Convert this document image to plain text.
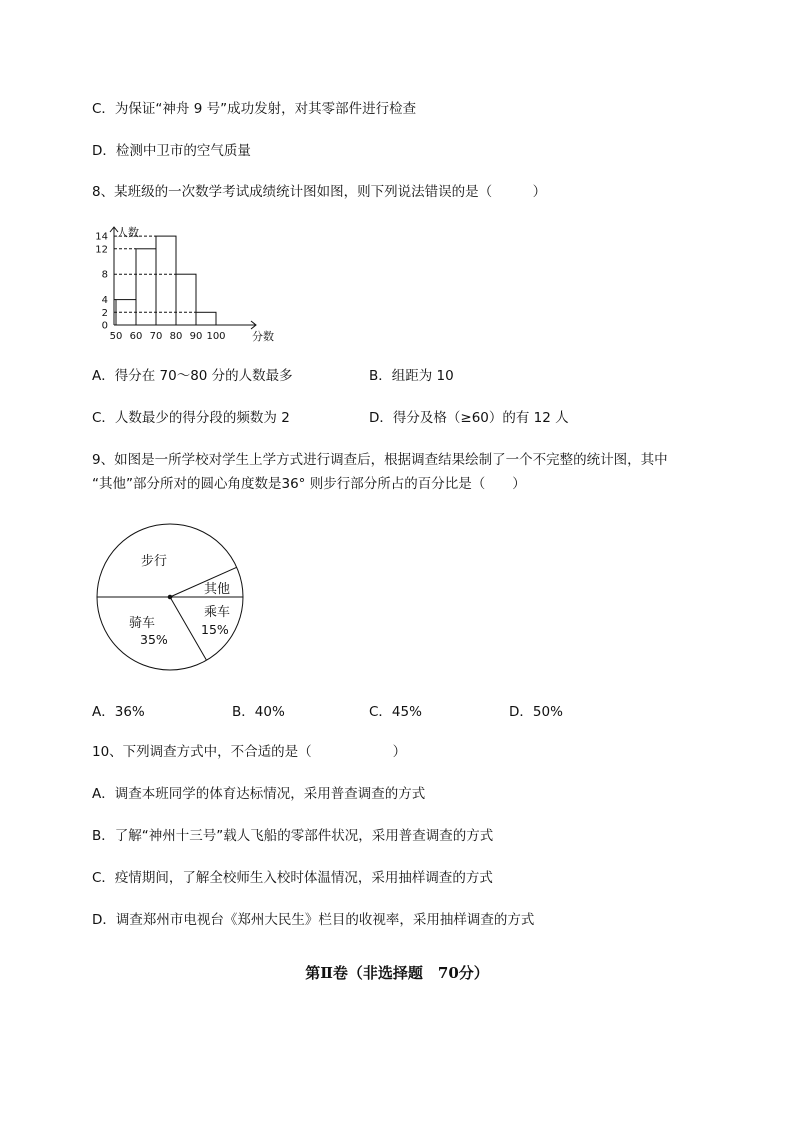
C．为保证“神舟 9 号”成功发射，对其零部件进行检查
D．检测中卫市的空气质量
8、某班级的一次数学考试成绩统计图如图，则下列说法错误的是（　　　）
人数
分数
0
2
4
8
12
14
50 60 70 80 90 100
A．得分在 70～80 分的人数最多	B．组距为 10
C．人数最少的得分段的频数为 2	D．得分及格（≥60）的有 12 人
9、如图是一所学校对学生上学方式进行调查后，根据调查结果绘制了一个不完整的统计图，其中
“其他”部分所对的圆心角度数是36° 则步行部分所占的百分比是（　　）
步行
其他
乘车
15%
骑车
35%
A．36%	B．40%	C．45%	D．50%
10、下列调查方式中，不合适的是（　　　　　　）
A．调查本班同学的体育达标情况，采用普查调查的方式
B．了解“神州十三号”载人飞船的零部件状况，采用普查调查的方式
C．疫情期间，了解全校师生入校时体温情况，采用抽样调查的方式
D．调查郑州市电视台《郑州大民生》栏目的收视率，采用抽样调查的方式
第Ⅱ卷（非选择题　70分）
